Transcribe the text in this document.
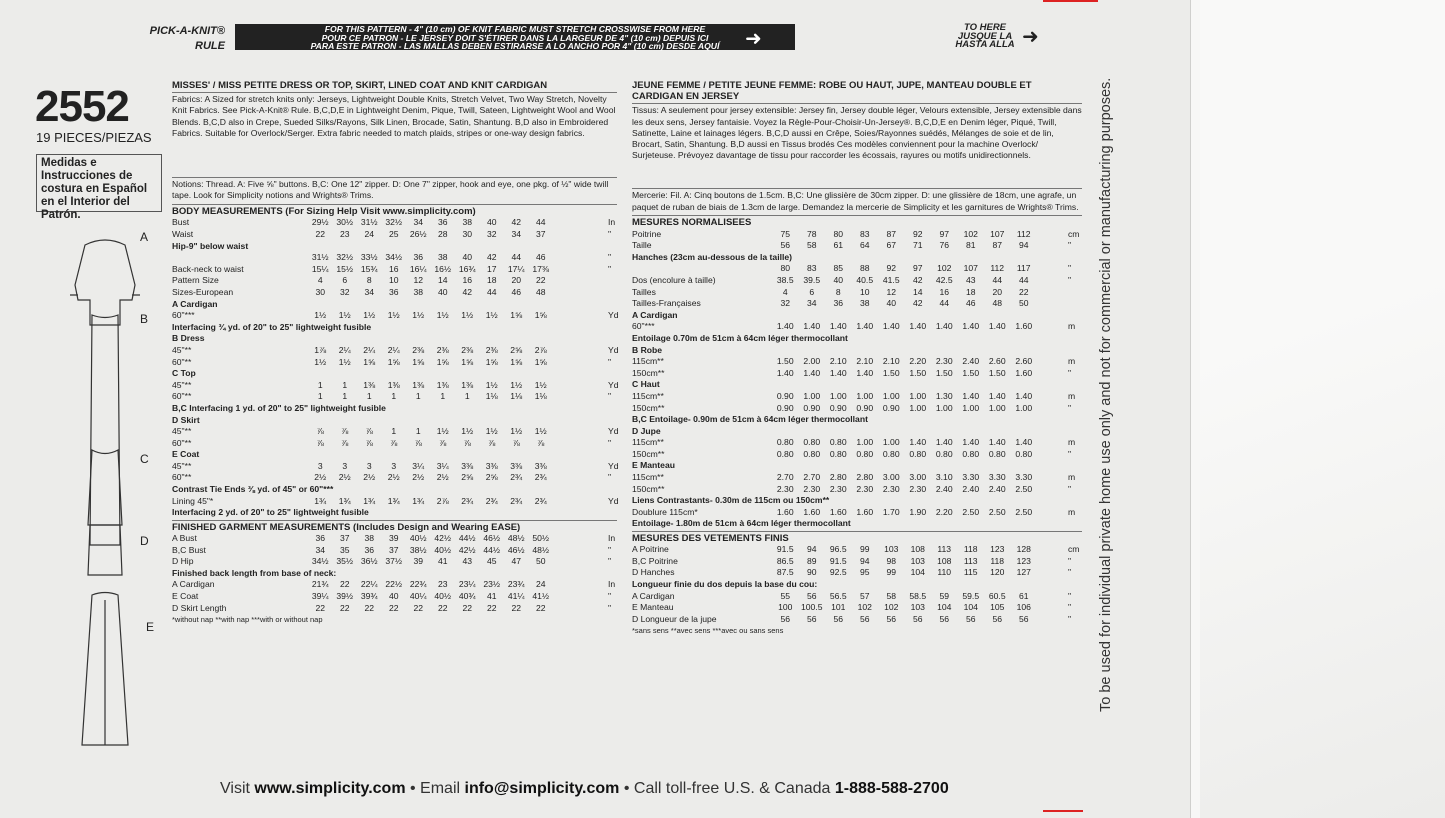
PICK-A-KNIT® RULE
FOR THIS PATTERN - 4" (10 cm) OF KNIT FABRIC MUST STRETCH CROSSWISE FROM HERE
POUR CE PATRON - LE JERSEY DOIT S'ÉTIRER DANS LA LARGEUR DE 4" (10 cm) DEPUIS ICI
PARA ESTE PATRON - LAS MALLAS DEBEN ESTIRARSE A LO ANCHO POR 4" (10 cm) DESDE AQUÍ	➜
TO HERE
JUSQUE LA
HASTA ALLA ➜
2552
19 PIECES/PIEZAS
Medidas e Instrucciones de costura en Español en el Interior del Patrón.
A
B
C
D
E
MISSES' / MISS PETITE DRESS OR TOP, SKIRT, LINED COAT AND KNIT CARDIGAN
Fabrics: A Sized for stretch knits only: Jerseys, Lightweight Double Knits, Stretch Velvet, Two Way Stretch, Novelty Knit Fabrics. See Pick-A-Knit® Rule. B,C,D,E in Lightweight Denim, Pique, Twill, Sateen, Lightweight Wool and Wool Blends. B,C,D also in Crepe, Sueded Silks/Rayons, Silk Linen, Brocade, Satin, Shantung. B,D also in Embroidered Fabrics. Suitable for Overlock/Serger. Extra fabric needed to match plaids, stripes or one-way design fabrics.
Notions: Thread. A: Five ⅝" buttons. B,C: One 12" zipper. D: One 7" zipper, hook and eye, one pkg. of ½" wide twill tape. Look for Simplicity notions and Wrights® Trims.
BODY MEASUREMENTS (For Sizing Help Visit www.simplicity.com)
Bust	29½ 30½ 31½ 32½	34	36	38	40	42	44	In
Waist	22	23	24	25	26½	28	30	32	34	37	"
Hip-9" below waist
31½ 32½ 33½ 34½	36	38	40	42	44	46	"
Back-neck to waist	15¼ 15½ 15¾	16	16¼ 16½ 16¾	17	17¼ 17⅜	"
Pattern Size	4	6	8	10	12	14	16	18	20	22
Sizes-European	30	32	34	36	38	40	42	44	46	48
A Cardigan
60"***	1½	1½	1½	1½	1½	1½	1½	1½	1⅝	1⅝	Yd
Interfacing ¾ yd. of 20" to 25" lightweight fusible
B Dress
45"**	1⅞	2¼	2¼	2¼	2⅜	2⅜	2⅜	2⅜	2⅝	2⅞	Yd
60"**	1½	1½	1⅝	1⅝	1⅝	1⅝	1⅝	1⅝	1⅝	1⅝	"
C Top
45"**	1	1	1⅜	1⅜	1⅜	1⅜	1⅜	1½	1½	1½	Yd
60"**	1	1	1	1	1	1	1	1⅛	1⅛	1⅛	"
B,C Interfacing 1 yd. of 20" to 25" lightweight fusible
D Skirt
45"**	⅞	⅞	⅞	1	1	1½	1½	1½	1½	1½	Yd
60"**	⅞	⅞	⅞	⅞	⅞	⅞	⅞	⅞	⅞	⅞	"
E Coat
45"**	3	3	3	3	3¼	3¼	3⅜	3⅜	3⅜	3⅜	Yd
60"**	2½	2½	2½	2½	2½	2½	2⅝	2⅝	2¾	2¾	"
Contrast Tie Ends ⅜ yd. of 45" or 60"***
Lining 45"*	1¾	1¾	1¾	1¾	1¾	2⅞	2¾	2¾	2¾	2¾	Yd
Interfacing 2 yd. of 20" to 25" lightweight fusible
FINISHED GARMENT MEASUREMENTS (Includes Design and Wearing EASE)
A Bust	36	37	38	39	40½ 42½ 44½ 46½ 48½ 50½	In
B,C Bust	34	35	36	37	38½ 40½ 42½ 44½ 46½ 48½	"
D Hip	34½ 35½ 36½ 37½	39	41	43	45	47	50	"
Finished back length from base of neck:
A Cardigan	21¾	22	22¼ 22½ 22¾	23	23¼ 23½ 23¾	24	In
E Coat	39¼ 39½ 39¾	40	40¼ 40½ 40¾	41	41¼ 41½	"
D Skirt Length	22	22	22	22	22	22	22	22	22	22	"
*without nap **with nap ***with or without nap
JEUNE FEMME / PETITE JEUNE FEMME: ROBE OU HAUT, JUPE, MANTEAU DOUBLE ET CARDIGAN EN JERSEY
Tissus: A seulement pour jersey extensible: Jersey fin, Jersey double léger, Velours extensible, Jersey extensible dans les deux sens, Jersey fantaisie. Voyez la Règle-Pour-Choisir-Un-Jersey®. B,C,D,E en Denim léger, Piqué, Twill, Satinette, Laine et lainages légers. B,C,D aussi en Crêpe, Soies/Rayonnes suédés, Mélanges de soie et de lin, Brocart, Satin, Shantung. B,D aussi en Tissus brodés Ces modèles conviennent pour la machine Overlock/ Surjeteuse. Prévoyez davantage de tissu pour raccorder les écossais, rayures ou motifs unidirectionnels.
Mercerie: Fil. A: Cinq boutons de 1.5cm. B,C: Une glissière de 30cm zipper. D: une glissière de 18cm, une agrafe, un paquet de ruban de biais de 1.3cm de large. Demandez la mercerie de Simplicity et les garnitures de Wrights® Trims.
MESURES NORMALISEES
Poitrine	75	78	80	83	87	92	97	102	107	112	cm
Taille	56	58	61	64	67	71	76	81	87	94	"
Hanches (23cm au-dessous de la taille)
80	83	85	88	92	97	102	107	112	117	"
Dos (encolure à taille)	38.5	39.5	40	40.5	41.5	42	42.5	43	44	44	"
Tailles	4	6	8	10	12	14	16	18	20	22
Tailles-Françaises	32	34	36	38	40	42	44	46	48	50
A Cardigan
60"***	1.40	1.40	1.40	1.40	1.40	1.40	1.40	1.40	1.40	1.60	m
Entoilage 0.70m de 51cm à 64cm léger thermocollant
B Robe
115cm**	1.50	2.00	2.10	2.10	2.10	2.20	2.30	2.40	2.60	2.60	m
150cm**	1.40	1.40	1.40	1.40	1.50	1.50	1.50	1.50	1.50	1.60	"
C Haut
115cm**	0.90	1.00	1.00	1.00	1.00	1.00	1.30	1.40	1.40	1.40	m
150cm**	0.90	0.90	0.90	0.90	0.90	1.00	1.00	1.00	1.00	1.00	"
B,C Entoilage- 0.90m de 51cm à 64cm léger thermocollant
D Jupe
115cm**	0.80	0.80	0.80	1.00	1.00	1.40	1.40	1.40	1.40	1.40	m
150cm**	0.80	0.80	0.80	0.80	0.80	0.80	0.80	0.80	0.80	0.80	"
E Manteau
115cm**	2.70	2.70	2.80	2.80	3.00	3.00	3.10	3.30	3.30	3.30	m
150cm**	2.30	2.30	2.30	2.30	2.30	2.30	2.40	2.40	2.40	2.50	"
Liens Contrastants- 0.30m de 115cm ou 150cm**
Doublure 115cm*	1.60	1.60	1.60	1.60	1.70	1.90	2.20	2.50	2.50	2.50	m
Entoilage- 1.80m de 51cm à 64cm léger thermocollant
MESURES DES VETEMENTS FINIS
A Poitrine	91.5	94	96.5	99	103	108	113	118	123	128	cm
B,C Poitrine	86.5	89	91.5	94	98	103	108	113	118	123	"
D Hanches	87.5	90	92.5	95	99	104	110	115	120	127	"
Longueur finie du dos depuis la base du cou:
A Cardigan	55	56	56.5	57	58	58.5	59	59.5	60.5	61	"
E Manteau	100 100.5 101	102	102	103	104	104	105	106	"
D Longueur de la jupe	56	56	56	56	56	56	56	56	56	56	"
*sans sens **avec sens ***avec ou sans sens
Visit www.simplicity.com • Email info@simplicity.com • Call toll-free U.S. & Canada 1-888-588-2700
To be used for individual private home use only and not for commercial or manufacturing purposes.
